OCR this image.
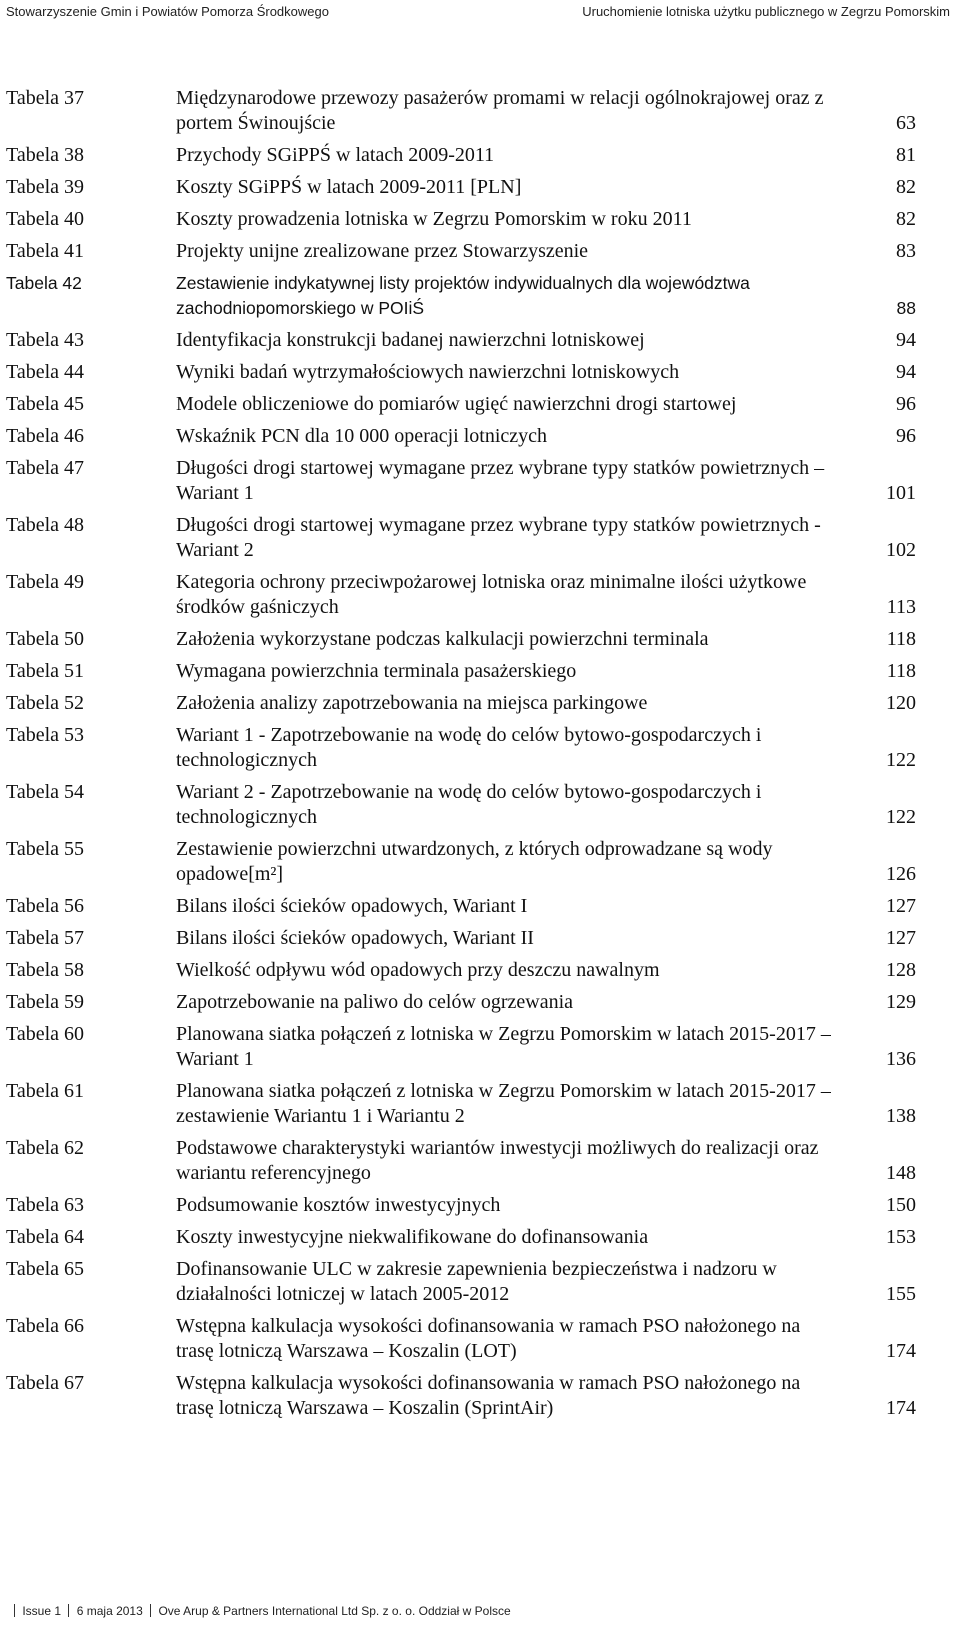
Stowarzyszenie Gmin i Powiatów Pomorza Środkowego	Uruchomienie lotniska użytku publicznego w Zegrzu Pomorskim
Tabela 37	Międzynarodowe przewozy pasażerów promami w relacji ogólnokrajowej oraz z portem Świnoujście	63
Tabela 38	Przychody SGiPPŚ w latach 2009-2011	81
Tabela 39	Koszty SGiPPŚ w latach 2009-2011 [PLN]	82
Tabela 40	Koszty prowadzenia lotniska w Zegrzu Pomorskim w roku 2011	82
Tabela 41	Projekty unijne zrealizowane przez Stowarzyszenie	83
Tabela 42	Zestawienie indykatywnej listy projektów indywidualnych dla województwa zachodniopomorskiego w POIiŚ	88
Tabela 43	Identyfikacja konstrukcji badanej nawierzchni lotniskowej	94
Tabela 44	Wyniki badań wytrzymałościowych nawierzchni lotniskowych	94
Tabela 45	Modele obliczeniowe do pomiarów ugięć nawierzchni drogi startowej	96
Tabela 46	Wskaźnik PCN dla 10 000 operacji lotniczych	96
Tabela 47	Długości drogi startowej wymagane przez wybrane typy statków powietrznych – Wariant 1	101
Tabela 48	Długości drogi startowej wymagane przez wybrane typy statków powietrznych - Wariant 2	102
Tabela 49	Kategoria ochrony przeciwpożarowej lotniska oraz minimalne ilości użytkowe środków gaśniczych	113
Tabela 50	Założenia wykorzystane podczas kalkulacji powierzchni terminala	118
Tabela 51	Wymagana powierzchnia terminala pasażerskiego	118
Tabela 52	Założenia analizy zapotrzebowania na miejsca parkingowe	120
Tabela 53	Wariant 1 - Zapotrzebowanie na wodę do celów bytowo-gospodarczych i technologicznych	122
Tabela 54	Wariant 2 - Zapotrzebowanie na wodę do celów bytowo-gospodarczych i technologicznych	122
Tabela 55	Zestawienie powierzchni utwardzonych, z których odprowadzane są wody opadowe[m²]	126
Tabela 56	Bilans ilości ścieków opadowych, Wariant I	127
Tabela 57	Bilans ilości ścieków opadowych, Wariant II	127
Tabela 58	Wielkość odpływu wód opadowych przy deszczu nawalnym	128
Tabela 59	Zapotrzebowanie na paliwo do celów ogrzewania	129
Tabela 60	Planowana siatka połączeń z lotniska w Zegrzu Pomorskim w latach 2015-2017 – Wariant 1	136
Tabela 61	Planowana siatka połączeń z lotniska w Zegrzu Pomorskim w latach 2015-2017 – zestawienie Wariantu 1 i Wariantu 2	138
Tabela 62	Podstawowe charakterystyki wariantów inwestycji możliwych do realizacji oraz wariantu referencyjnego	148
Tabela 63	Podsumowanie kosztów inwestycyjnych	150
Tabela 64	Koszty inwestycyjne niekwalifikowane do dofinansowania	153
Tabela 65	Dofinansowanie ULC w zakresie zapewnienia bezpieczeństwa i nadzoru w działalności lotniczej w latach 2005-2012	155
Tabela 66	Wstępna kalkulacja wysokości dofinansowania w ramach PSO nałożonego na trasę lotniczą Warszawa – Koszalin (LOT)	174
Tabela 67	Wstępna kalkulacja wysokości dofinansowania w ramach PSO nałożonego na trasę lotniczą Warszawa – Koszalin (SprintAir)	174
Issue 1 6 maja 2013 Ove Arup & Partners International Ltd Sp. z o. o. Oddział w Polsce
